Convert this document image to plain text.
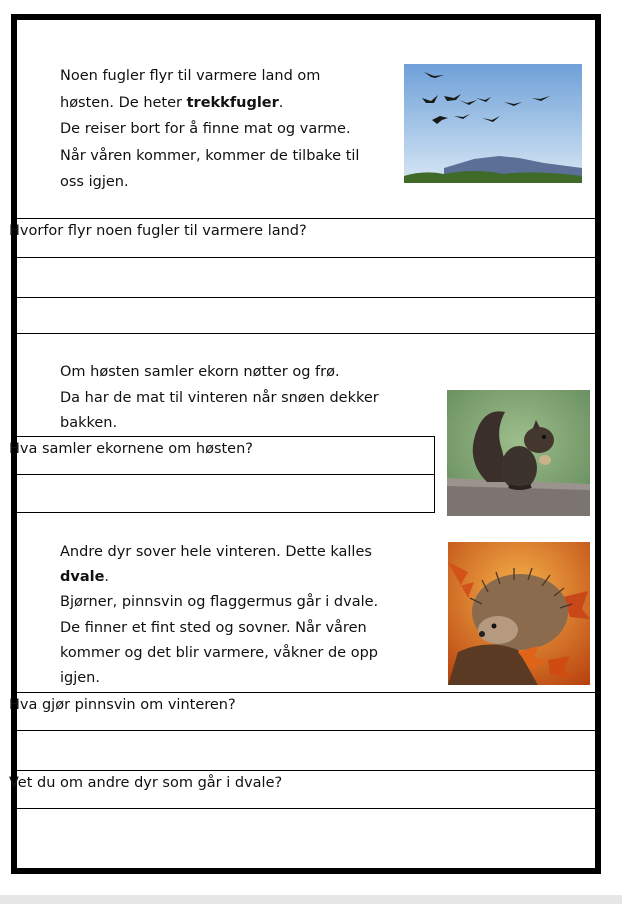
Noen fugler flyr til varmere land om
høsten. De heter trekkfugler.
De reiser bort for å finne mat og varme.
Når våren kommer, kommer de tilbake til
oss igjen.
Hvorfor flyr noen fugler til varmere land?
Om høsten samler ekorn nøtter og frø.
Da har de mat til vinteren når snøen dekker
bakken.
Hva samler ekornene om høsten?
Andre dyr sover hele vinteren. Dette kalles
dvale.
Bjørner, pinnsvin og flaggermus går i dvale.
De finner et fint sted og sovner. Når våren
kommer og det blir varmere, våkner de opp
igjen.
Hva gjør pinnsvin om vinteren?
Vet du om andre dyr som går i dvale?
